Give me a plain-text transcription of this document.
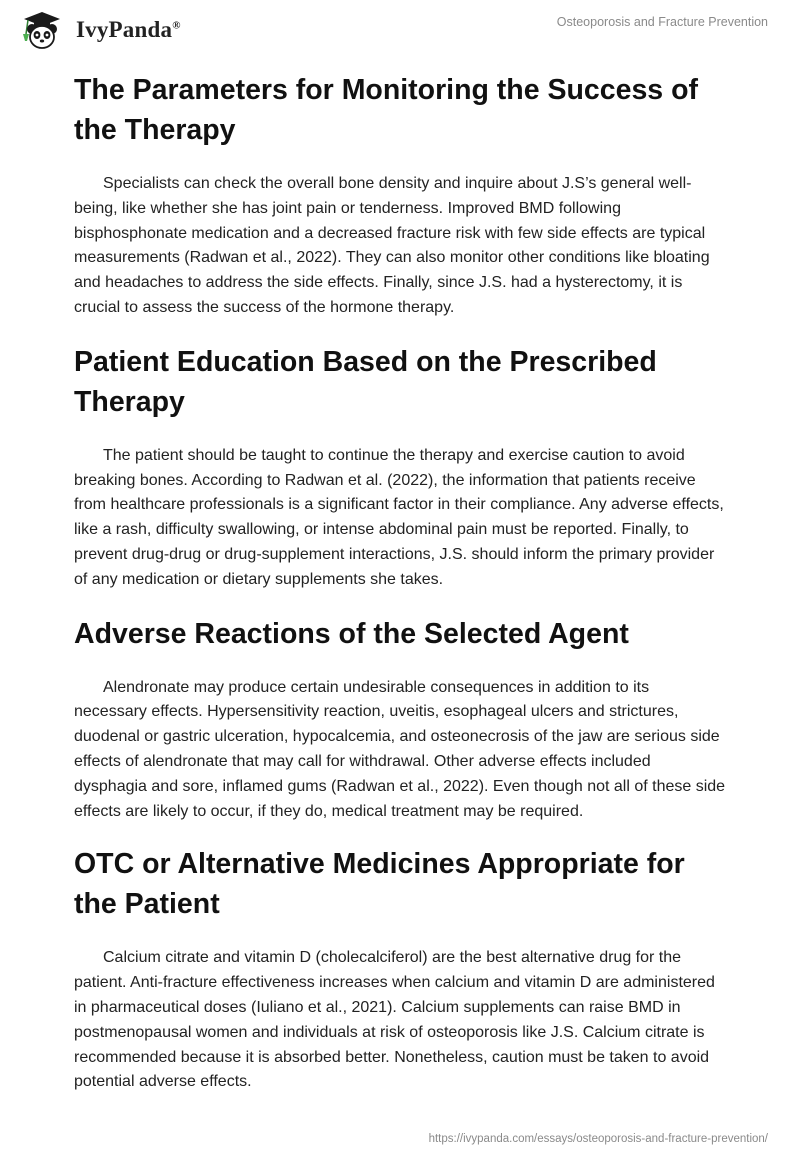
IvyPanda®	Osteoporosis and Fracture Prevention
The Parameters for Monitoring the Success of the Therapy

Specialists can check the overall bone density and inquire about J.S’s general well-being, like whether she has joint pain or tenderness. Improved BMD following bisphosphonate medication and a decreased fracture risk with few side effects are typical measurements (Radwan et al., 2022). They can also monitor other conditions like bloating and headaches to address the side effects. Finally, since J.S. had a hysterectomy, it is crucial to assess the success of the hormone therapy.

Patient Education Based on the Prescribed Therapy

The patient should be taught to continue the therapy and exercise caution to avoid breaking bones. According to Radwan et al. (2022), the information that patients receive from healthcare professionals is a significant factor in their compliance. Any adverse effects, like a rash, difficulty swallowing, or intense abdominal pain must be reported. Finally, to prevent drug-drug or drug-supplement interactions, J.S. should inform the primary provider of any medication or dietary supplements she takes.

Adverse Reactions of the Selected Agent

Alendronate may produce certain undesirable consequences in addition to its necessary effects. Hypersensitivity reaction, uveitis, esophageal ulcers and strictures, duodenal or gastric ulceration, hypocalcemia, and osteonecrosis of the jaw are serious side effects of alendronate that may call for withdrawal. Other adverse effects included dysphagia and sore, inflamed gums (Radwan et al., 2022). Even though not all of these side effects are likely to occur, if they do, medical treatment may be required.

OTC or Alternative Medicines Appropriate for the Patient

Calcium citrate and vitamin D (cholecalciferol) are the best alternative drug for the patient. Anti-fracture effectiveness increases when calcium and vitamin D are administered in pharmaceutical doses (Iuliano et al., 2021). Calcium supplements can raise BMD in postmenopausal women and individuals at risk of osteoporosis like J.S. Calcium citrate is recommended because it is absorbed better. Nonetheless, caution must be taken to avoid potential adverse effects.

https://ivypanda.com/essays/osteoporosis-and-fracture-prevention/
